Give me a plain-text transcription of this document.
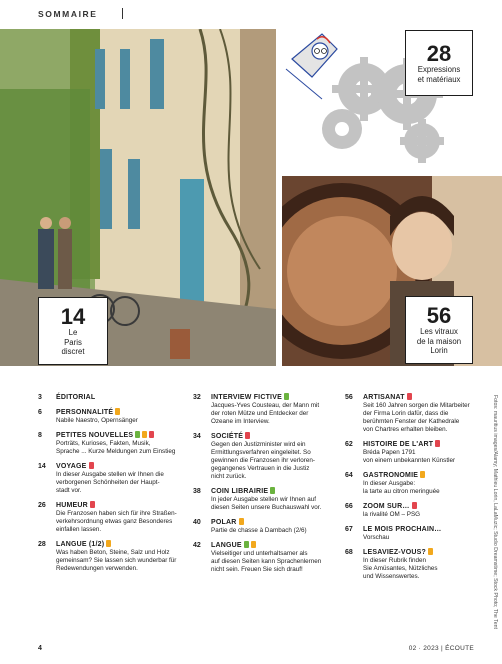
SOMMAIRE
28
Expressions
et matériaux
14
Le
Paris
discret
56
Les vitraux
de la maison
Lorin
3	ÉDITORIAL
6	PERSONNALITÉ
Nabile Naestro, Opernsänger
8	PETITES NOUVELLES
Porträts, Kurioses, Fakten, Musik,
Sprache ... Kurze Meldungen zum Einstieg
14	VOYAGE
In dieser Ausgabe stellen wir Ihnen die
verborgenen Schönheiten der Haupt-
stadt vor.
26	HUMEUR
Die Franzosen haben sich für ihre Straßen-
verkehrsordnung etwas ganz Besonderes
einfallen lassen.
28	LANGUE (1/2)
Was haben Beton, Steine, Salz und Holz
gemeinsam? Sie lassen sich wunderbar für
Redewendungen verwenden.
32	INTERVIEW FICTIVE
Jacques-Yves Cousteau, der Mann mit
der roten Mütze und Entdecker der
Ozeane im Interview.
34	SOCIÉTÉ
Gegen den Justizminister wird ein
Ermittlungsverfahren eingeleitet. So
gewinnen die Franzosen ihr verloren-
gegangenes Vertrauen in die Justiz
nicht zurück.
38	COIN LIBRAIRIE
In jeder Ausgabe stellen wir Ihnen auf
diesen Seiten unsere Buchauswahl vor.
40	POLAR
Partie de chasse à Dambach (2/6)
42	LANGUE
Vielseitiger und unterhaltsamer als
auf diesen Seiten kann Sprachenlernen
nicht sein. Freuen Sie sich drauf!
56	ARTISANAT
Seit 160 Jahren sorgen die Mitarbeiter
der Firma Lorin dafür, dass die
berühmten Fenster der Kathedrale
von Chartres erhalten bleiben.
62	HISTOIRE DE L'ART
Bréda Papen 1791
von einem unbekannten Künstler
64	GASTRONOMIE
In dieser Ausgabe:
la tarte au citron meringuée
66	ZOOM SUR…
la rivalité OM – PSG
67	LE MOIS PROCHAIN…
Vorschau
68	LESAVIEZ-VOUS?
In dieser Rubrik finden
Sie Amüsantes, Nützliches
und Wissenswertes.	Fotos: mauritius images/Alamy; Mathieu Lorin, LaLaMuzic; Studio Dreamstime; Stock Photo; The Tent
4	02 · 2023 | ÉCOUTE
